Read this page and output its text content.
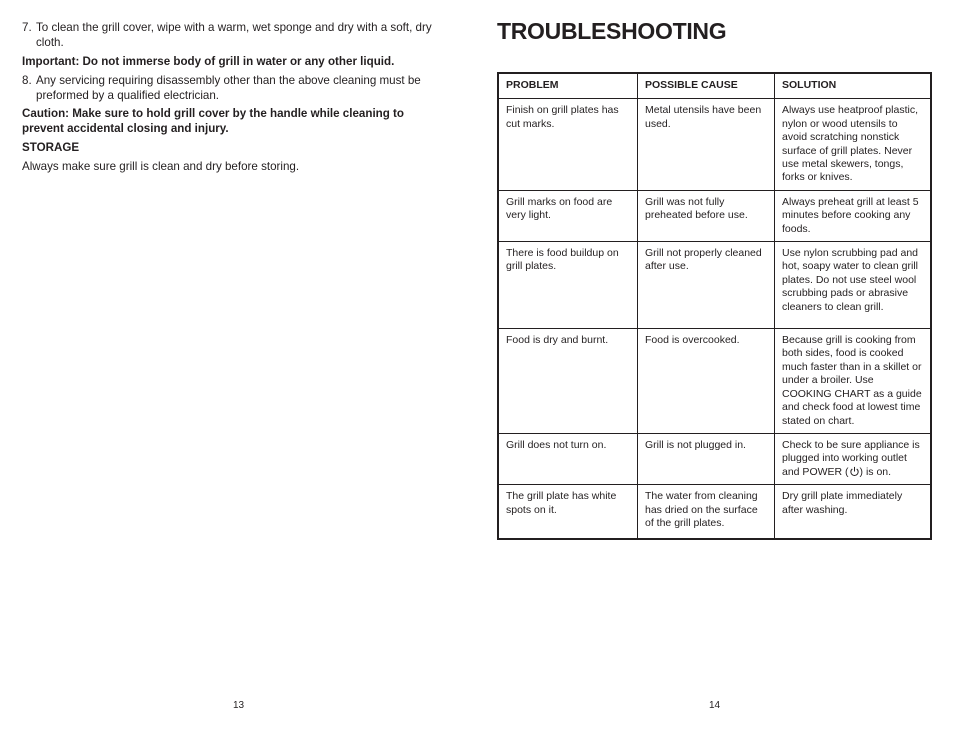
7. To clean the grill cover, wipe with a warm, wet sponge and dry with a soft, dry cloth.
Important: Do not immerse body of grill in water or any other liquid.
8. Any servicing requiring disassembly other than the above cleaning must be preformed by a qualified electrician.
Caution: Make sure to hold grill cover by the handle while cleaning to prevent accidental closing and injury.
STORAGE
Always make sure grill is clean and dry before storing.
13
TROUBLESHOOTING
PROBLEM	POSSIBLE CAUSE	SOLUTION
Finish on grill plates has cut marks.	Metal utensils have been used.	Always use heatproof plastic, nylon or wood utensils to avoid scratching nonstick surface of grill plates. Never use metal skewers, tongs, forks or knives.
Grill marks on food are very light.	Grill was not fully preheated before use.	Always preheat grill at least 5 minutes before cooking any foods.
There is food buildup on grill plates.	Grill not properly cleaned after use.	Use nylon scrubbing pad and hot, soapy water to clean grill plates. Do not use steel wool scrubbing pads or abrasive cleaners to clean grill.
Food is dry and burnt.	Food is overcooked.	Because grill is cooking from both sides, food is cooked much faster than in a skillet or under a broiler. Use COOKING CHART as a guide and check food at lowest time stated on chart.
Grill does not turn on.	Grill is not plugged in.	Check to be sure appliance is plugged into working outlet and POWER ( ) is on.
The grill plate has white spots on it.	The water from cleaning has dried on the surface of the grill plates.	Dry grill plate immediately after washing.
14
